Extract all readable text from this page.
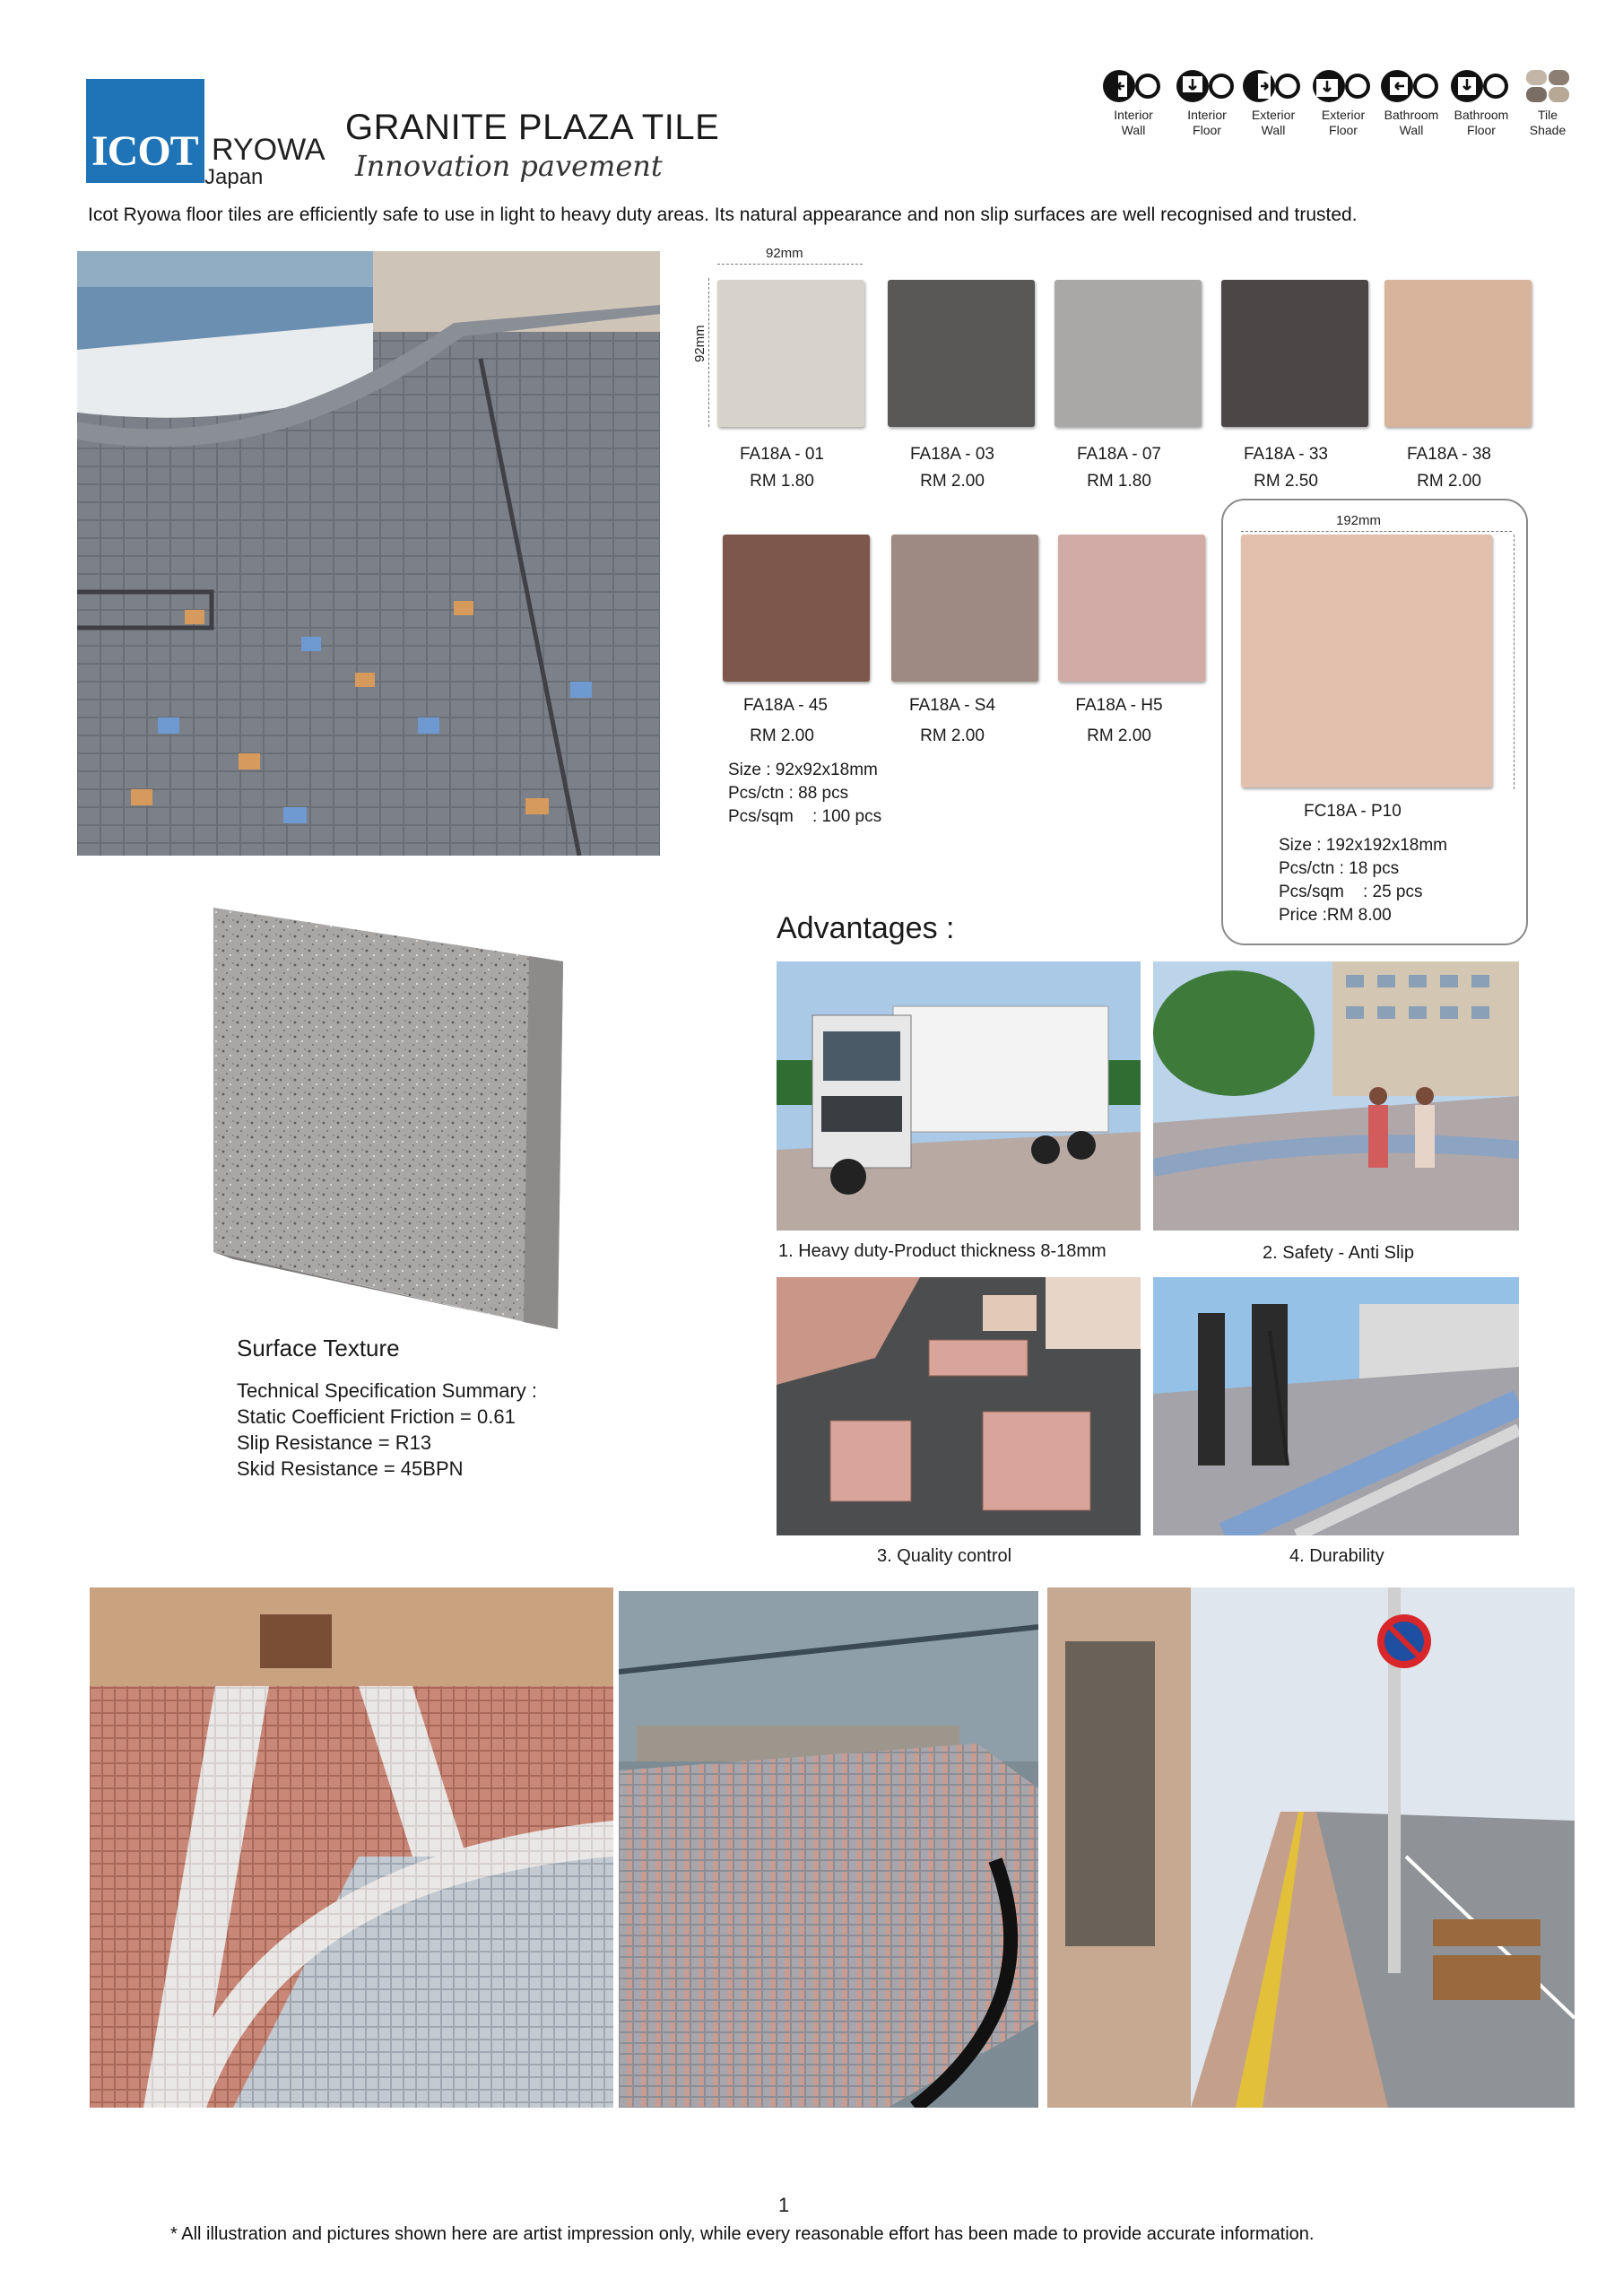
ICOT RYOWA
Japan
GRANITE PLAZA TILE
Innovation pavement
Icot Ryowa floor tiles are efficiently safe to use in light to heavy duty areas. Its natural appearance and non slip surfaces are well recognised and trusted.
Interior
Wall
Interior
Floor
Exterior
Wall
Exterior
Floor
Bathroom
Wall
Bathroom
Floor
Tile
Shade
92mm
92mm
FA18A - 01	FA18A - 03	FA18A - 07	FA18A - 33	FA18A - 38
RM 1.80	RM 2.00	RM 1.80	RM 2.50	RM 2.00
FA18A - 45	FA18A - S4	FA18A - H5
RM 2.00	RM 2.00	RM 2.00
Size : 92x92x18mm
Pcs/ctn : 88 pcs
Pcs/sqm    : 100 pcs
192mm
FC18A - P10
Size : 192x192x18mm
Pcs/ctn : 18 pcs
Pcs/sqm    : 25 pcs
Price :RM 8.00
Surface Texture
Technical Specification Summary :
Static Coefficient Friction = 0.61
Slip Resistance = R13
Skid Resistance = 45BPN
Advantages :
1. Heavy duty-Product thickness 8-18mm	2. Safety - Anti Slip
3. Quality control	4. Durability
1
* All illustration and pictures shown here are artist impression only, while every reasonable effort has been made to provide accurate information.
